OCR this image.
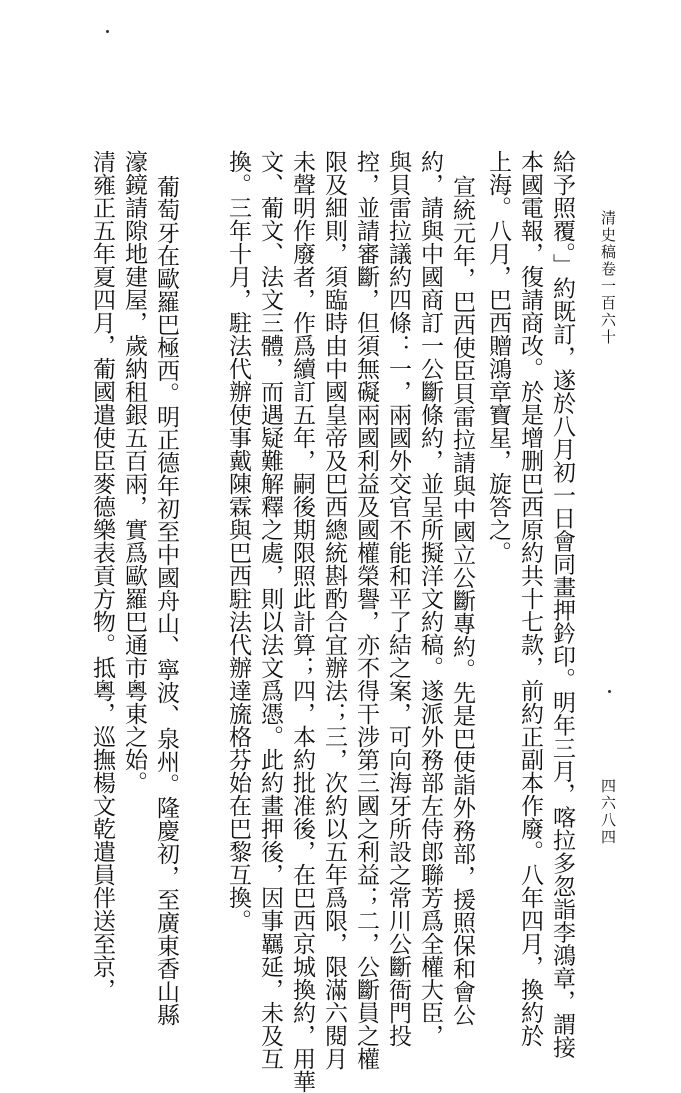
清史稿卷一百六十
四六八四
給予照覆。」約既訂，遂於八月初一日會同畫押鈐印。明年三月，喀拉多忽詣李鴻章，謂接
本國電報，復請商改。於是增删巴西原約共十七款，前約正副本作廢。八年四月，換約於
上海。八月，巴西贈鴻章寶星，旋答之。
宣統元年，巴西使臣貝雷拉請與中國立公斷專約。先是巴使詣外務部，援照保和會公
約，請與中國商訂一公斷條約，並呈所擬洋文約稿。遂派外務部左侍郎聯芳爲全權大臣，
與貝雷拉議約四條：一，兩國外交官不能和平了結之案，可向海牙所設之常川公斷衙門投
控，並請審斷，但須無礙兩國利益及國權榮譽，亦不得干涉第三國之利益；二，公斷員之權
限及細則，須臨時由中國皇帝及巴西總統斟酌合宜辦法；三，次約以五年爲限，限滿六閱月
未聲明作廢者，作爲續訂五年，嗣後期限照此計算；四，本約批准後，在巴西京城換約，用華
文、葡文、法文三體，而遇疑難解釋之處，則以法文爲憑。此約畫押後，因事羈延，未及互
換。三年十月，駐法代辦使事戴陳霖與巴西駐法代辦達旒格芬始在巴黎互換。
葡萄牙在歐羅巴極西。明正德年初至中國舟山、寧波、泉州。隆慶初，至廣東香山縣
濠鏡請隙地建屋，歲納租銀五百兩，實爲歐羅巴通市粵東之始。
清雍正五年夏四月，葡國遣使臣麥德樂表貢方物。抵粵，巡撫楊文乾遣員伴送至京，
